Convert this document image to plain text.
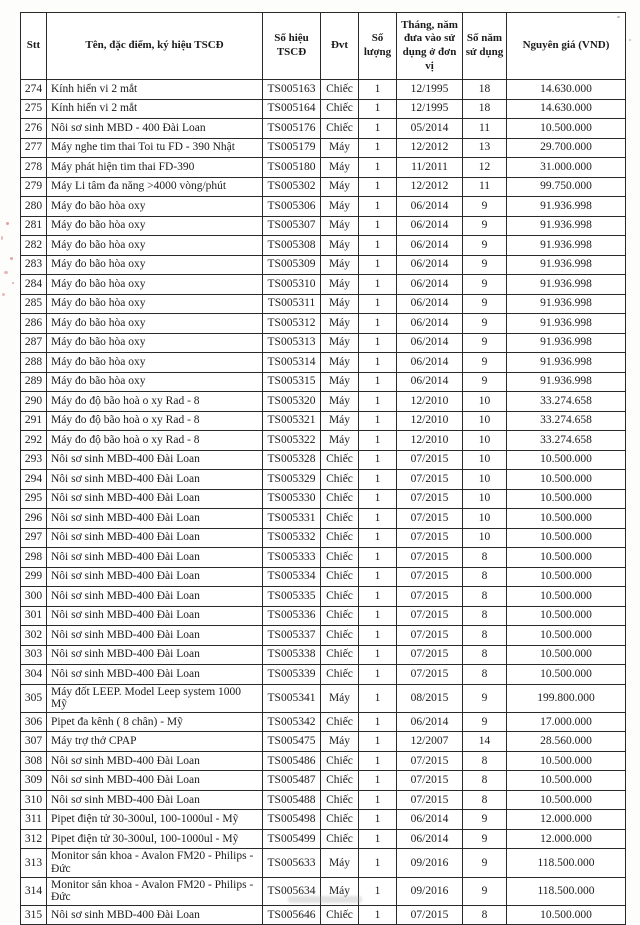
Stt	Tên, đặc điểm, ký hiệu TSCĐ	Số hiệu TSCĐ	Đvt	Số lượng	Tháng, năm đưa vào sử dụng ở đơn vị	Số năm sử dụng	Nguyên giá (VND)
274	Kính hiển vi 2 mắt	TS005163	Chiếc	1	12/1995	18	14.630.000
275	Kính hiển vi 2 mắt	TS005164	Chiếc	1	12/1995	18	14.630.000
276	Nôi sơ sinh MBD - 400 Đài Loan	TS005176	Chiếc	1	05/2014	11	10.500.000
277	Máy nghe tim thai Toi tu FD - 390 Nhật	TS005179	Máy	1	12/2012	13	29.700.000
278	Máy phát hiện tim thai FD-390	TS005180	Máy	1	11/2011	12	31.000.000
279	Máy Li tâm đa năng >4000 vòng/phút	TS005302	Máy	1	12/2012	11	99.750.000
280	Máy đo bão hòa oxy	TS005306	Máy	1	06/2014	9	91.936.998
281	Máy đo bão hòa oxy	TS005307	Máy	1	06/2014	9	91.936.998
282	Máy đo bão hòa oxy	TS005308	Máy	1	06/2014	9	91.936.998
283	Máy đo bão hòa oxy	TS005309	Máy	1	06/2014	9	91.936.998
284	Máy đo bão hòa oxy	TS005310	Máy	1	06/2014	9	91.936.998
285	Máy đo bão hòa oxy	TS005311	Máy	1	06/2014	9	91.936.998
286	Máy đo bão hòa oxy	TS005312	Máy	1	06/2014	9	91.936.998
287	Máy đo bão hòa oxy	TS005313	Máy	1	06/2014	9	91.936.998
288	Máy đo bão hòa oxy	TS005314	Máy	1	06/2014	9	91.936.998
289	Máy đo bão hòa oxy	TS005315	Máy	1	06/2014	9	91.936.998
290	Máy đo độ bão hoà o xy Rad - 8	TS005320	Máy	1	12/2010	10	33.274.658
291	Máy đo độ bão hoà o xy Rad - 8	TS005321	Máy	1	12/2010	10	33.274.658
292	Máy đo độ bão hoà o xy Rad - 8	TS005322	Máy	1	12/2010	10	33.274.658
293	Nôi sơ sinh MBD-400 Đài Loan	TS005328	Chiếc	1	07/2015	10	10.500.000
294	Nôi sơ sinh MBD-400 Đài Loan	TS005329	Chiếc	1	07/2015	10	10.500.000
295	Nôi sơ sinh MBD-400 Đài Loan	TS005330	Chiếc	1	07/2015	10	10.500.000
296	Nôi sơ sinh MBD-400 Đài Loan	TS005331	Chiếc	1	07/2015	10	10.500.000
297	Nôi sơ sinh MBD-400 Đài Loan	TS005332	Chiếc	1	07/2015	10	10.500.000
298	Nôi sơ sinh MBD-400 Đài Loan	TS005333	Chiếc	1	07/2015	8	10.500.000
299	Nôi sơ sinh MBD-400 Đài Loan	TS005334	Chiếc	1	07/2015	8	10.500.000
300	Nôi sơ sinh MBD-400 Đài Loan	TS005335	Chiếc	1	07/2015	8	10.500.000
301	Nôi sơ sinh MBD-400 Đài Loan	TS005336	Chiếc	1	07/2015	8	10.500.000
302	Nôi sơ sinh MBD-400 Đài Loan	TS005337	Chiếc	1	07/2015	8	10.500.000
303	Nôi sơ sinh MBD-400 Đài Loan	TS005338	Chiếc	1	07/2015	8	10.500.000
304	Nôi sơ sinh MBD-400 Đài Loan	TS005339	Chiếc	1	07/2015	8	10.500.000
305	Máy đốt LEEP. Model Leep system 1000 Mỹ	TS005341	Máy	1	08/2015	9	199.800.000
306	Pipet đa kênh ( 8 chân) - Mỹ	TS005342	Chiếc	1	06/2014	9	17.000.000
307	Máy trợ thở CPAP	TS005475	Máy	1	12/2007	14	28.560.000
308	Nôi sơ sinh MBD-400 Đài Loan	TS005486	Chiếc	1	07/2015	8	10.500.000
309	Nôi sơ sinh MBD-400 Đài Loan	TS005487	Chiếc	1	07/2015	8	10.500.000
310	Nôi sơ sinh MBD-400 Đài Loan	TS005488	Chiếc	1	07/2015	8	10.500.000
311	Pipet điện tử 30-300ul, 100-1000ul - Mỹ	TS005498	Chiếc	1	06/2014	9	12.000.000
312	Pipet điện tử 30-300ul, 100-1000ul - Mỹ	TS005499	Chiếc	1	06/2014	9	12.000.000
313	Monitor sản khoa - Avalon FM20 - Philips - Đức	TS005633	Máy	1	09/2016	9	118.500.000
314	Monitor sản khoa - Avalon FM20 - Philips - Đức	TS005634	Máy	1	09/2016	9	118.500.000
315	Nôi sơ sinh MBD-400 Đài Loan	TS005646	Chiếc	1	07/2015	8	10.500.000
